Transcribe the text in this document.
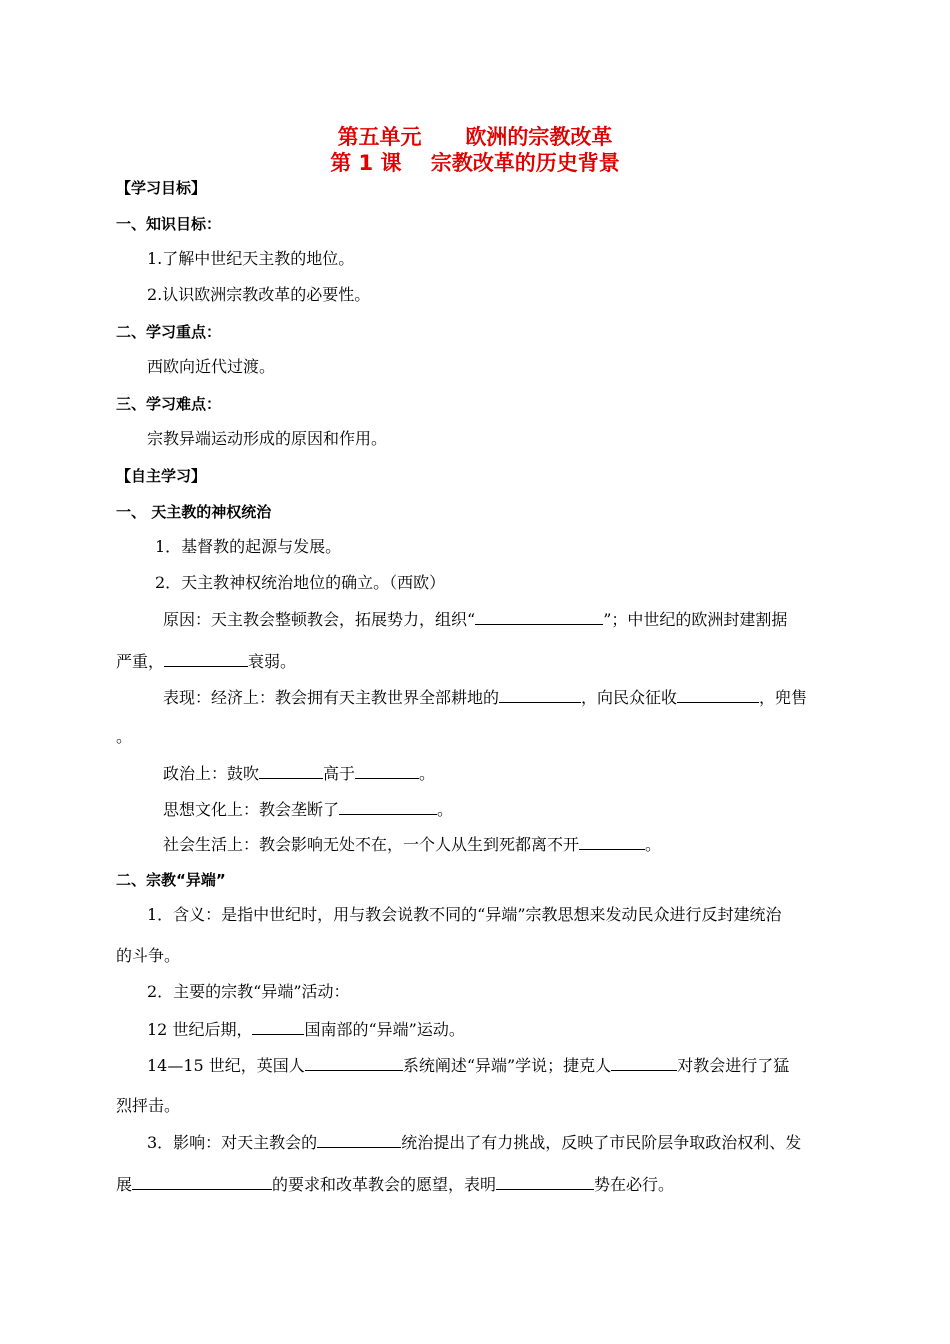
第五单元      欧洲的宗教改革
第 1 课    宗教改革的历史背景
【学习目标】
一、知识目标：
1.了解中世纪天主教的地位。
2.认识欧洲宗教改革的必要性。
二、学习重点：
西欧向近代过渡。
三、学习难点：
宗教异端运动形成的原因和作用。
【自主学习】
一、 天主教的神权统治
1．基督教的起源与发展。
2．天主教神权统治地位的确立。（西欧）
原因：天主教会整顿教会，拓展势力，组织“	”；中世纪的欧洲封建割据
严重，	衰弱。
表现：经济上：教会拥有天主教世界全部耕地的	，向民众征收	，兜售
。
政治上：鼓吹	高于	。
思想文化上：教会垄断了	。
社会生活上：教会影响无处不在，一个人从生到死都离不开	。
二、宗教“异端”
1．含义：是指中世纪时，用与教会说教不同的“异端”宗教思想来发动民众进行反封建统治
的斗争。
2．主要的宗教“异端”活动：
12 世纪后期，	国南部的“异端”运动。
14—15 世纪，英国人	系统阐述“异端”学说；捷克人	对教会进行了猛
烈抨击。
3．影响：对天主教会的	统治提出了有力挑战，反映了市民阶层争取政治权利、发
展	的要求和改革教会的愿望，表明	势在必行。
